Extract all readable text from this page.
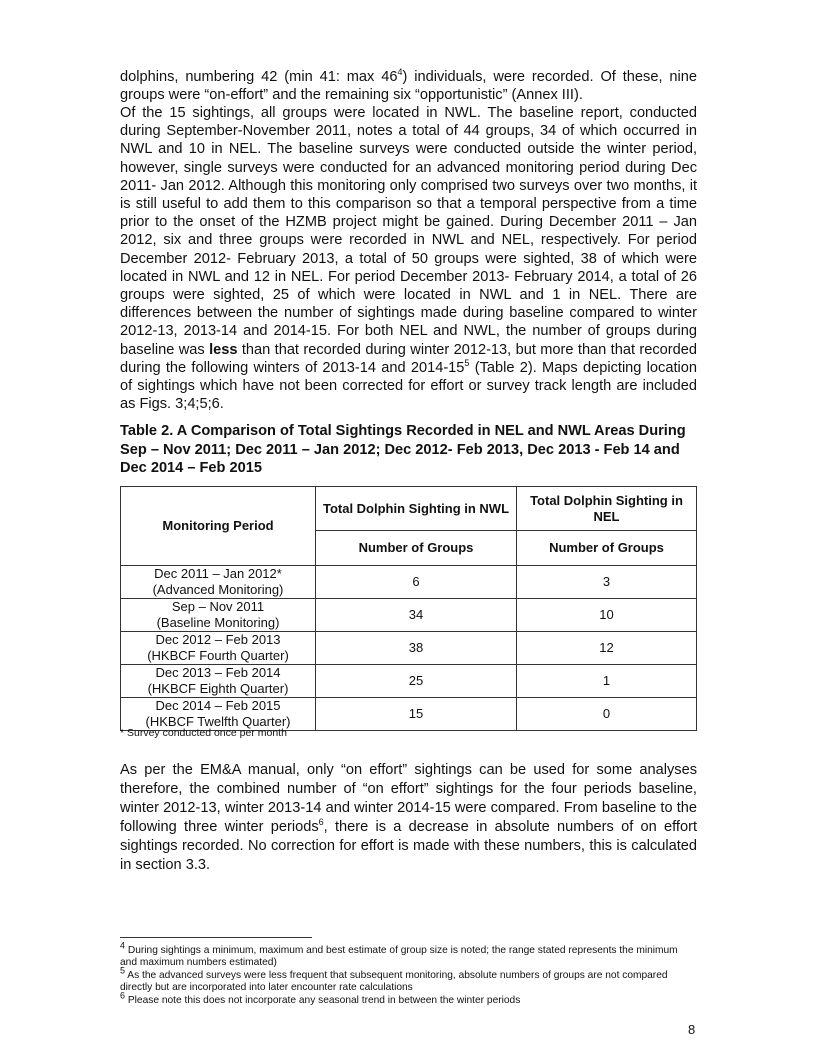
dolphins, numbering 42 (min 41: $\max 46^4$) individuals, were recorded. Of these, nine groups were “on-effort” and the remaining six “opportunistic” (Annex III).

Of the 15 sightings, all groups were located in NWL. The baseline report, conducted during September-November 2011, notes a total of 44 groups, 34 of which occurred in NWL and 10 in NEL. The baseline surveys were conducted outside the winter period, however, single surveys were conducted for an advanced monitoring period during Dec 2011- Jan 2012. Although this monitoring only comprised two surveys over two months, it is still useful to add them to this comparison so that a temporal perspective from a time prior to the onset of the HZMB project might be gained. During December 2011 – Jan 2012, six and three groups were recorded in NWL and NEL, respectively. For period December 2012- February 2013, a total of 50 groups were sighted, 38 of which were located in NWL and 12 in NEL. For period December 2013- February 2014, a total of 26 groups were sighted, 25 of which were located in NWL and 1 in NEL. There are differences between the number of sightings made during baseline compared to winter 2012-13, 2013-14 and 2014-15. For both NEL and NWL, the number of groups during baseline was less than that recorded during winter 2012-13, but more than that recorded during the following winters of 2013-14 and $2014-15^5$ (Table 2). Maps depicting location of sightings which have not been corrected for effort or survey track length are included as Figs. 3;4;5;6.

Table 2. A Comparison of Total Sightings Recorded in NEL and NWL Areas During Sep – Nov 2011; Dec 2011 – Jan 2012; Dec 2012- Feb 2013, Dec 2013 - Feb 14 and Dec 2014 – Feb 2015

Monitoring Period	Total Dolphin Sighting in NWL	Total Dolphin Sighting in NEL
	Number of Groups	Number of Groups
Dec 2011 – Jan 2012*
(Advanced Monitoring)	6	3
Sep – Nov 2011
(Baseline Monitoring)	34	10
Dec 2012 – Feb 2013
(HKBCF Fourth Quarter)	38	12
Dec 2013 – Feb 2014
(HKBCF Eighth Quarter)	25	1
Dec 2014 – Feb 2015
(HKBCF Twelfth Quarter)	15	0
* Survey conducted once per month

As per the EM&A manual, only “on effort” sightings can be used for some analyses therefore, the combined number of “on effort” sightings for the four periods baseline, winter 2012-13, winter 2013-14 and winter 2014-15 were compared. From baseline to the following three winter periods$^6$, there is a decrease in absolute numbers of on effort sightings recorded. No correction for effort is made with these numbers, this is calculated in section 3.3.

$^4$ During sightings a minimum, maximum and best estimate of group size is noted; the range stated represents the minimum and maximum numbers estimated)

$^5$ As the advanced surveys were less frequent that subsequent monitoring, absolute numbers of groups are not compared directly but are incorporated into later encounter rate calculations

$^6$ Please note this does not incorporate any seasonal trend in between the winter periods

8
